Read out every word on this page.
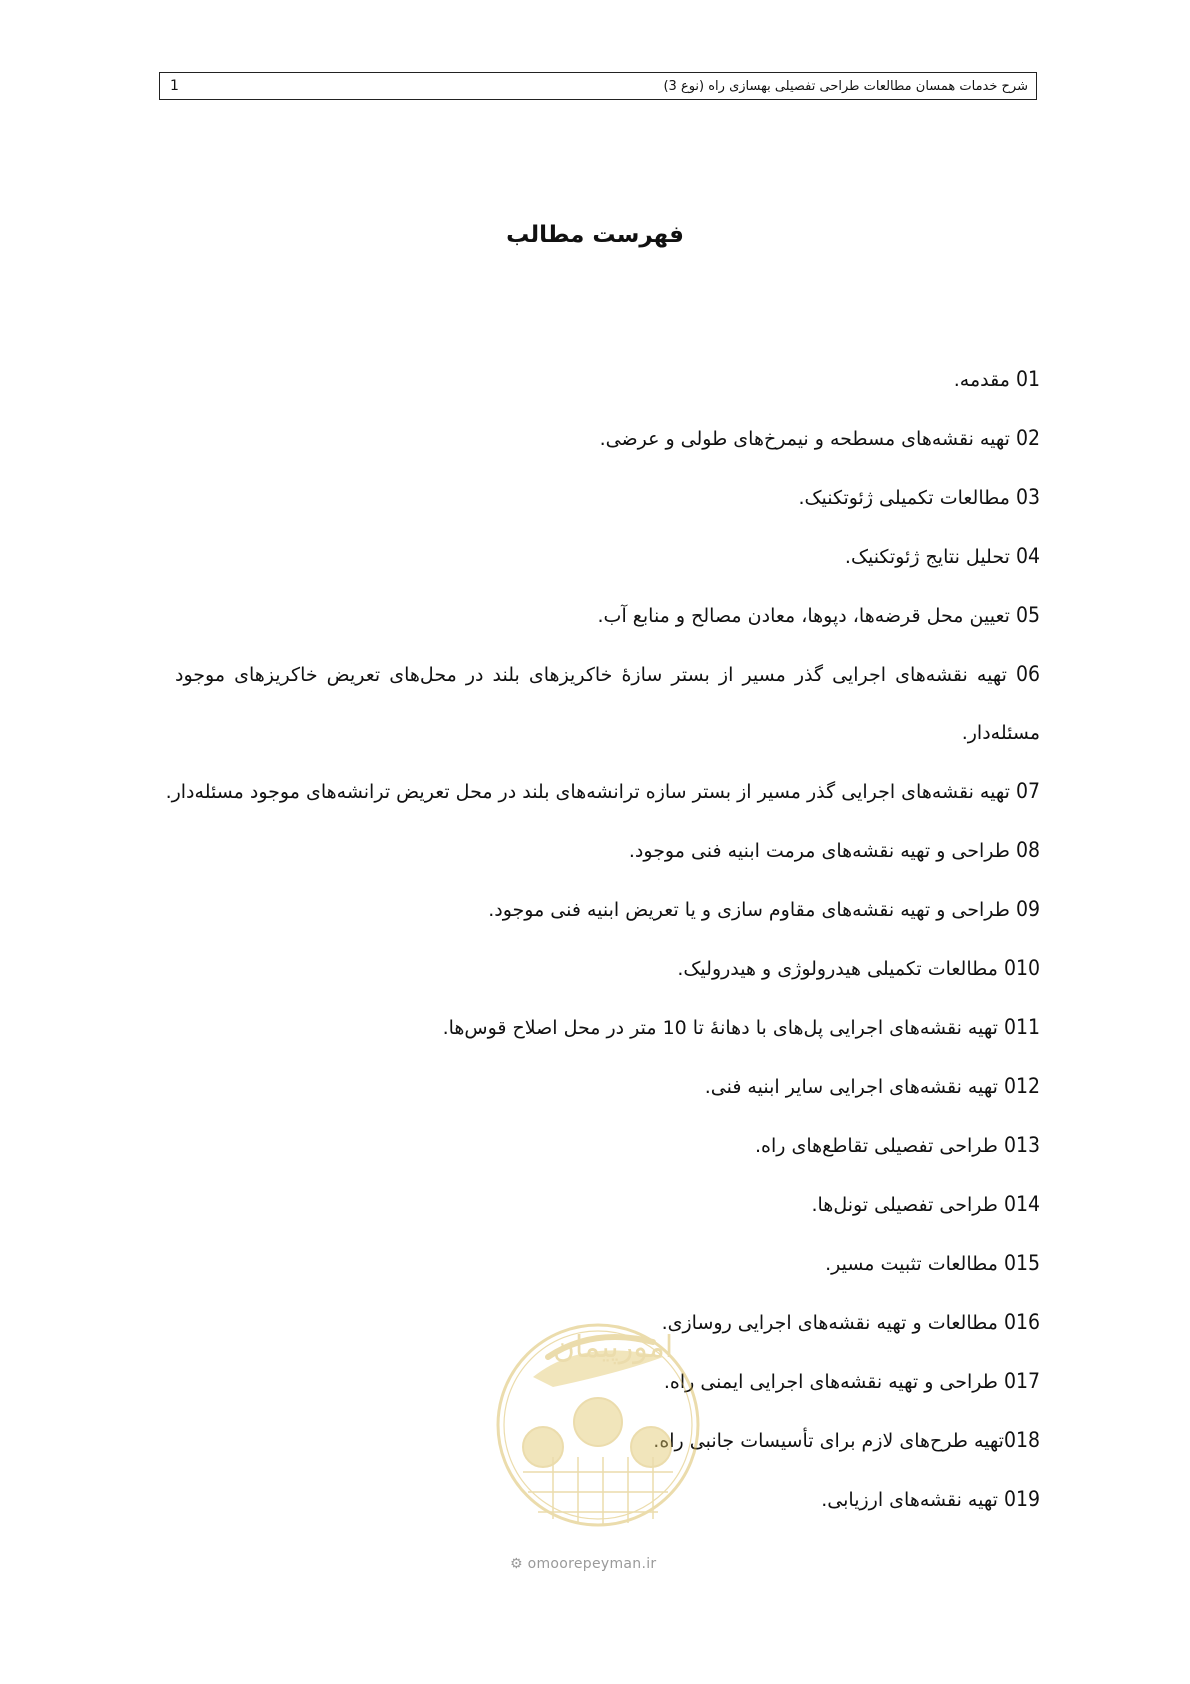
شرح خدمات همسان مطالعات طراحی تفصیلی بهسازی راه (نوع 3)
1
فهرست مطالب
01 مقدمه.
02 تهیه نقشه‌های مسطحه و نیمرخ‌های طولی و عرضی.
03 مطالعات تکمیلی ژئوتکنیک.
04 تحلیل نتایج ژئوتکنیک.
05 تعیین محل قرضه‌ها، دپوها، معادن مصالح و منابع آب.
06 تهیه نقشه‌های اجرایی گذر مسیر از بستر سازهٔ خاکریزهای بلند در محل‌های تعریض خاکریزهای موجود مسئله‌دار.
07 تهیه نقشه‌های اجرایی گذر مسیر از بستر سازه ترانشه‌های بلند در محل تعریض ترانشه‌های موجود مسئله‌دار.
08 طراحی و تهیه نقشه‌های مرمت ابنیه فنی موجود.
09 طراحی و تهیه نقشه‌های مقاوم سازی و یا تعریض ابنیه فنی موجود.
010 مطالعات تکمیلی هیدرولوژی و هیدرولیک.
011 تهیه نقشه‌های اجرایی پل‌های با دهانهٔ تا 10 متر در محل اصلاح قوس‌ها.
012 تهیه نقشه‌های اجرایی سایر ابنیه فنی.
013 طراحی تفصیلی تقاطع‌های راه.
014 طراحی تفصیلی تونل‌ها.
015 مطالعات تثبیت مسیر.
016 مطالعات و تهیه نقشه‌های اجرایی روسازی.
017 طراحی و تهیه نقشه‌های اجرایی ایمنی راه.
018تهیه طرح‌های لازم برای تأسیسات جانبی راه.
019 تهیه نقشه‌های ارزیابی.
امورپیمان
⚙ omoorepeyman.ir
